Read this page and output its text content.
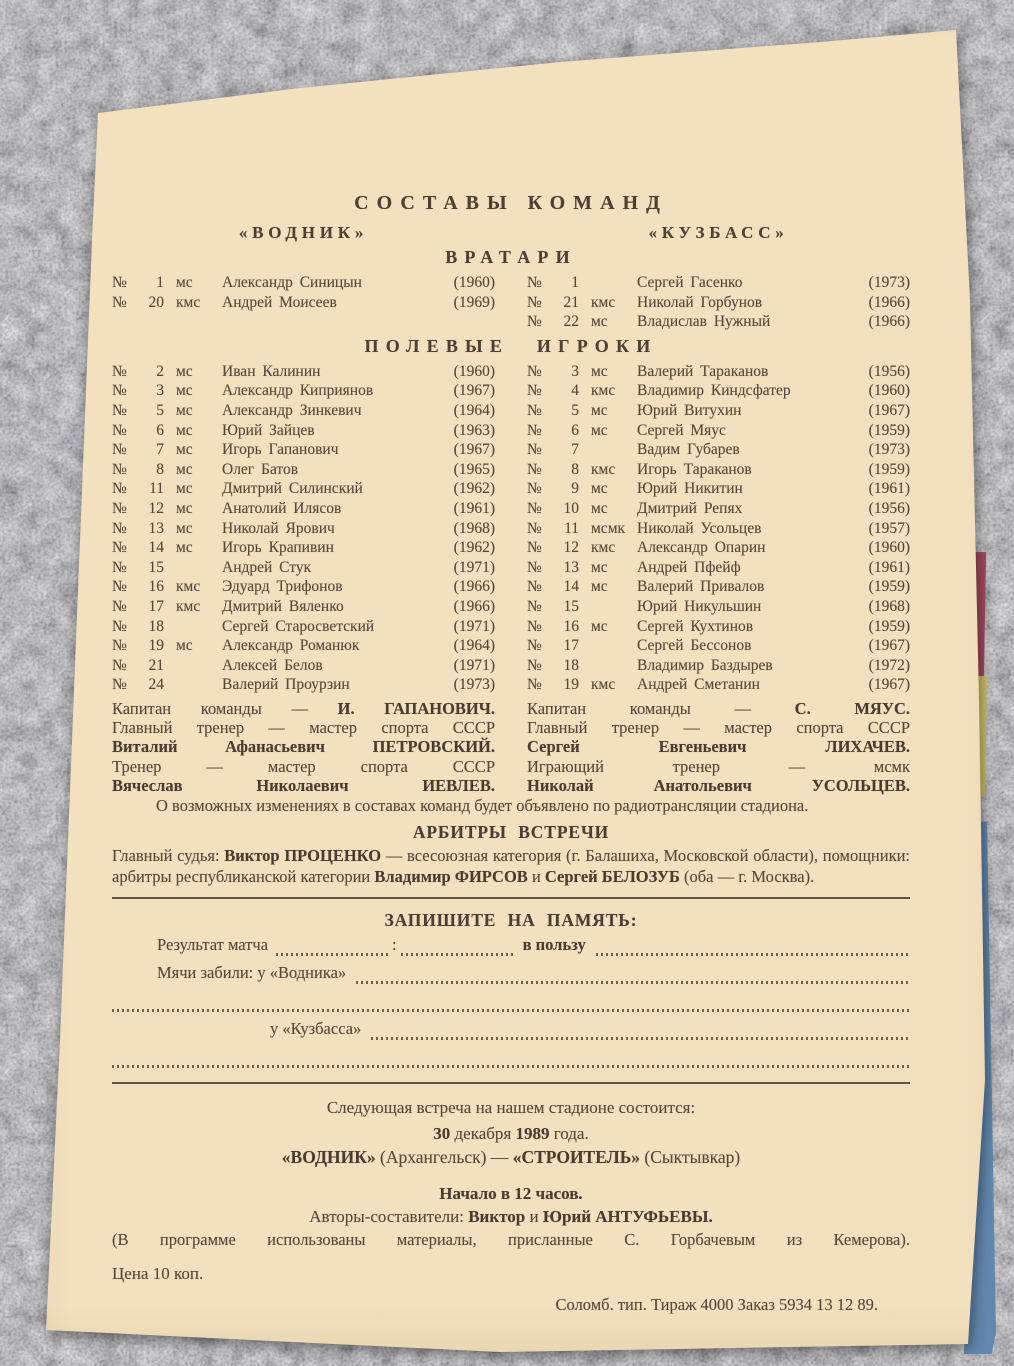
СОСТАВЫ КОМАНД
«ВОДНИК»	«КУЗБАСС»
ВРАТАРИ
№	1 мс	Александр Синицын	(1960)
№	20 кмс	Андрей Моисеев	(1969)
№	1	Сергей Гасенко	(1973)
№	21 кмс	Николай Горбунов	(1966)
№	22 мс	Владислав Нужный	(1966)
ПОЛЕВЫЕ ИГРОКИ
№	2 мс	Иван Калинин	(1960)
№	3 мс	Александр Киприянов	(1967)
№	5 мс	Александр Зинкевич	(1964)
№	6 мс	Юрий Зайцев	(1963)
№	7 мс	Игорь Гапанович	(1967)
№	8 мс	Олег Батов	(1965)
№	11 мс	Дмитрий Силинский	(1962)
№	12 мс	Анатолий Илясов	(1961)
№	13 мс	Николай Ярович	(1968)
№	14 мс	Игорь Крапивин	(1962)
№	15	Андрей Стук	(1971)
№	16 кмс	Эдуард Трифонов	(1966)
№	17 кмс	Дмитрий Вяленко	(1966)
№	18	Сергей Старосветский	(1971)
№	19 мс	Александр Романюк	(1964)
№	21	Алексей Белов	(1971)
№	24	Валерий Проурзин	(1973)
№	3 мс	Валерий Тараканов	(1956)
№	4 кмс	Владимир Киндсфатер	(1960)
№	5 мс	Юрий Витухин	(1967)
№	6 мс	Сергей Мяус	(1959)
№	7	Вадим Губарев	(1973)
№	8 кмс	Игорь Тараканов	(1959)
№	9 мс	Юрий Никитин	(1961)
№	10 мс	Дмитрий Репях	(1956)
№	11 мсмк Николай Усольцев	(1957)
№	12 кмс	Александр Опарин	(1960)
№	13 мс	Андрей Пфейф	(1961)
№	14 мс	Валерий Привалов	(1959)
№	15	Юрий Никульшин	(1968)
№	16 мс	Сергей Кухтинов	(1959)
№	17	Сергей Бессонов	(1967)
№	18	Владимир Баздырев	(1972)
№	19 кмс	Андрей Сметанин	(1967)
Капитан команды — И. ГАПАНОВИЧ.
Главный тренер — мастер спорта СССР
Виталий Афанасьевич ПЕТРОВСКИЙ.
Тренер — мастер спорта СССР
Вячеслав Николаевич ИЕВЛЕВ.
Капитан команды — С. МЯУС.
Главный тренер — мастер спорта СССР
Сергей Евгеньевич ЛИХАЧЕВ.
Играющий тренер — мсмк
Николай Анатольевич УСОЛЬЦЕВ.
О возможных изменениях в составах команд будет объявлено по радиотрансляции стадиона.
АРБИТРЫ ВСТРЕЧИ
Главный судья: Виктор ПРОЦЕНКО — всесоюзная категория (г. Балашиха, Московской области), помощники: арбитры республиканской категории Владимир ФИРСОВ и Сергей БЕЛОЗУБ (оба — г. Москва).
ЗАПИШИТЕ НА ПАМЯТЬ:
Результат матча	:	в пользу
Мячи забили: у «Водника»
у «Кузбасса»
Следующая встреча на нашем стадионе состоится:
30 декабря 1989 года.
«ВОДНИК» (Архангельск) — «СТРОИТЕЛЬ» (Сыктывкар)
Начало в 12 часов.
Авторы-составители: Виктор и Юрий АНТУФЬЕВЫ.
(В программе использованы материалы, присланные С. Горбачевым из Кемерова).
Цена 10 коп.
Соломб. тип. Тираж 4000 Заказ 5934 13 12 89.
